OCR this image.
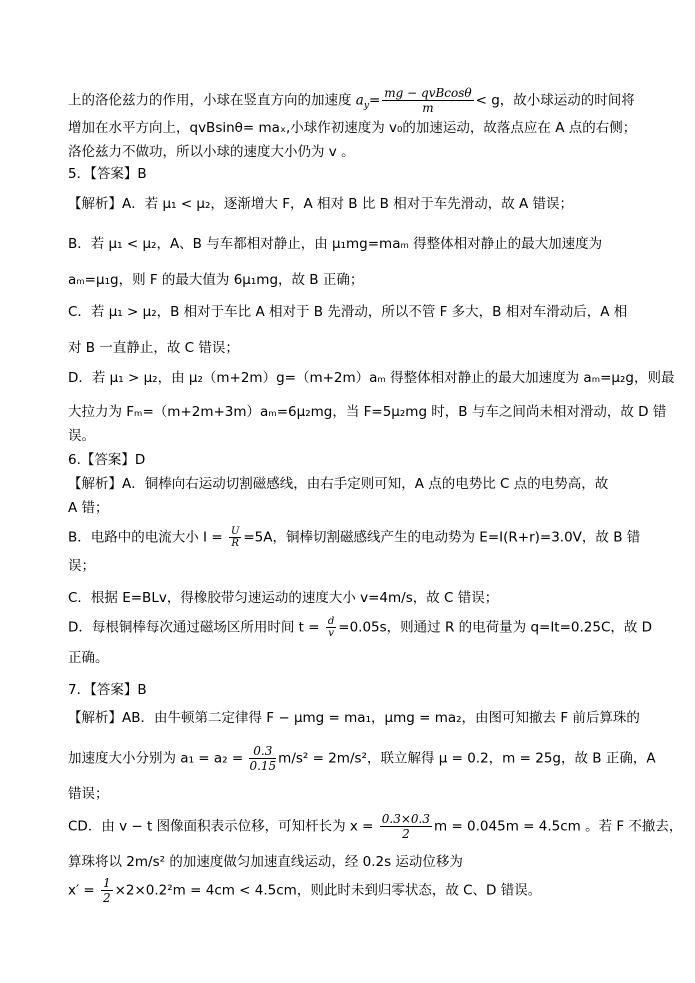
上的洛伦兹力的作用，小球在竖直方向的加速度 $a_y= \frac{\text{mg − qvBcosθ}}{m} < g$，故小球运动的时间将
增加在水平方向上，qvBsinθ= maₓ,小球作初速度为 v₀的加速运动，故落点应在 A 点的右侧；
洛伦兹力不做功，所以小球的速度大小仍为 v 。
5．【答案】B
【解析】A．若 μ₁ < μ₂，逐渐增大 F，A 相对 B 比 B 相对于车先滑动，故 A 错误；
B．若 μ₁ < μ₂，A、B 与车都相对静止，由 μ₁mg=maₘ 得整体相对静止的最大加速度为
aₘ=μ₁g，则 F 的最大值为 6μ₁mg，故 B 正确；
C．若 μ₁ > μ₂，B 相对于车比 A 相对于 B 先滑动，所以不管 F 多大，B 相对车滑动后，A 相
对 B 一直静止，故 C 错误；
D．若 μ₁ > μ₂，由 μ₂（m+2m）g=（m+2m）aₘ 得整体相对静止的最大加速度为 aₘ=μ₂g，则最
大拉力为 Fₘ=（m+2m+3m）aₘ=6μ₂mg，当 F=5μ₂mg 时，B 与车之间尚未相对滑动，故 D 错
误。
6.【答案】D
【解析】A．铜棒向右运动切割磁感线，由右手定则可知，A 点的电势比 C 点的电势高，故
A 错；
B．电路中的电流大小 $I = \frac{U}{R} =5A$，铜棒切割磁感线产生的电动势为 E=I(R+r)=3.0V，故 B 错
误；
C．根据 E=BLv，得橡胶带匀速运动的速度大小 v=4m/s，故 C 错误；
D．每根铜棒每次通过磁场区所用时间 $t = \frac{d}{v} =0.05s$，则通过 R 的电荷量为 q=It=0.25C，故 D
正确。
7．【答案】B
【解析】AB．由牛顿第二定律得 F − μmg = ma₁，μmg = ma₂，由图可知撤去 F 前后算珠的
加速度大小分别为 $a_1 = a_2 = \frac{0.3}{0.15} m/s^2 = 2m/s^2$，联立解得 μ = 0.2，m = 25g，故 B 正确，A
错误；
CD．由 v − t 图像面积表示位移，可知杆长为 $x = \frac{0.3\times 0.3}{2}$ m = 0.045m = 4.5cm 。若 F 不撤去，
算珠将以 2m/s² 的加速度做匀加速直线运动，经 0.2s 运动位移为
$x' = \frac{1}{2} \times 2\times 0.2^2m = 4cm < 4.5cm$，则此时未到归零状态，故 C、D 错误。
